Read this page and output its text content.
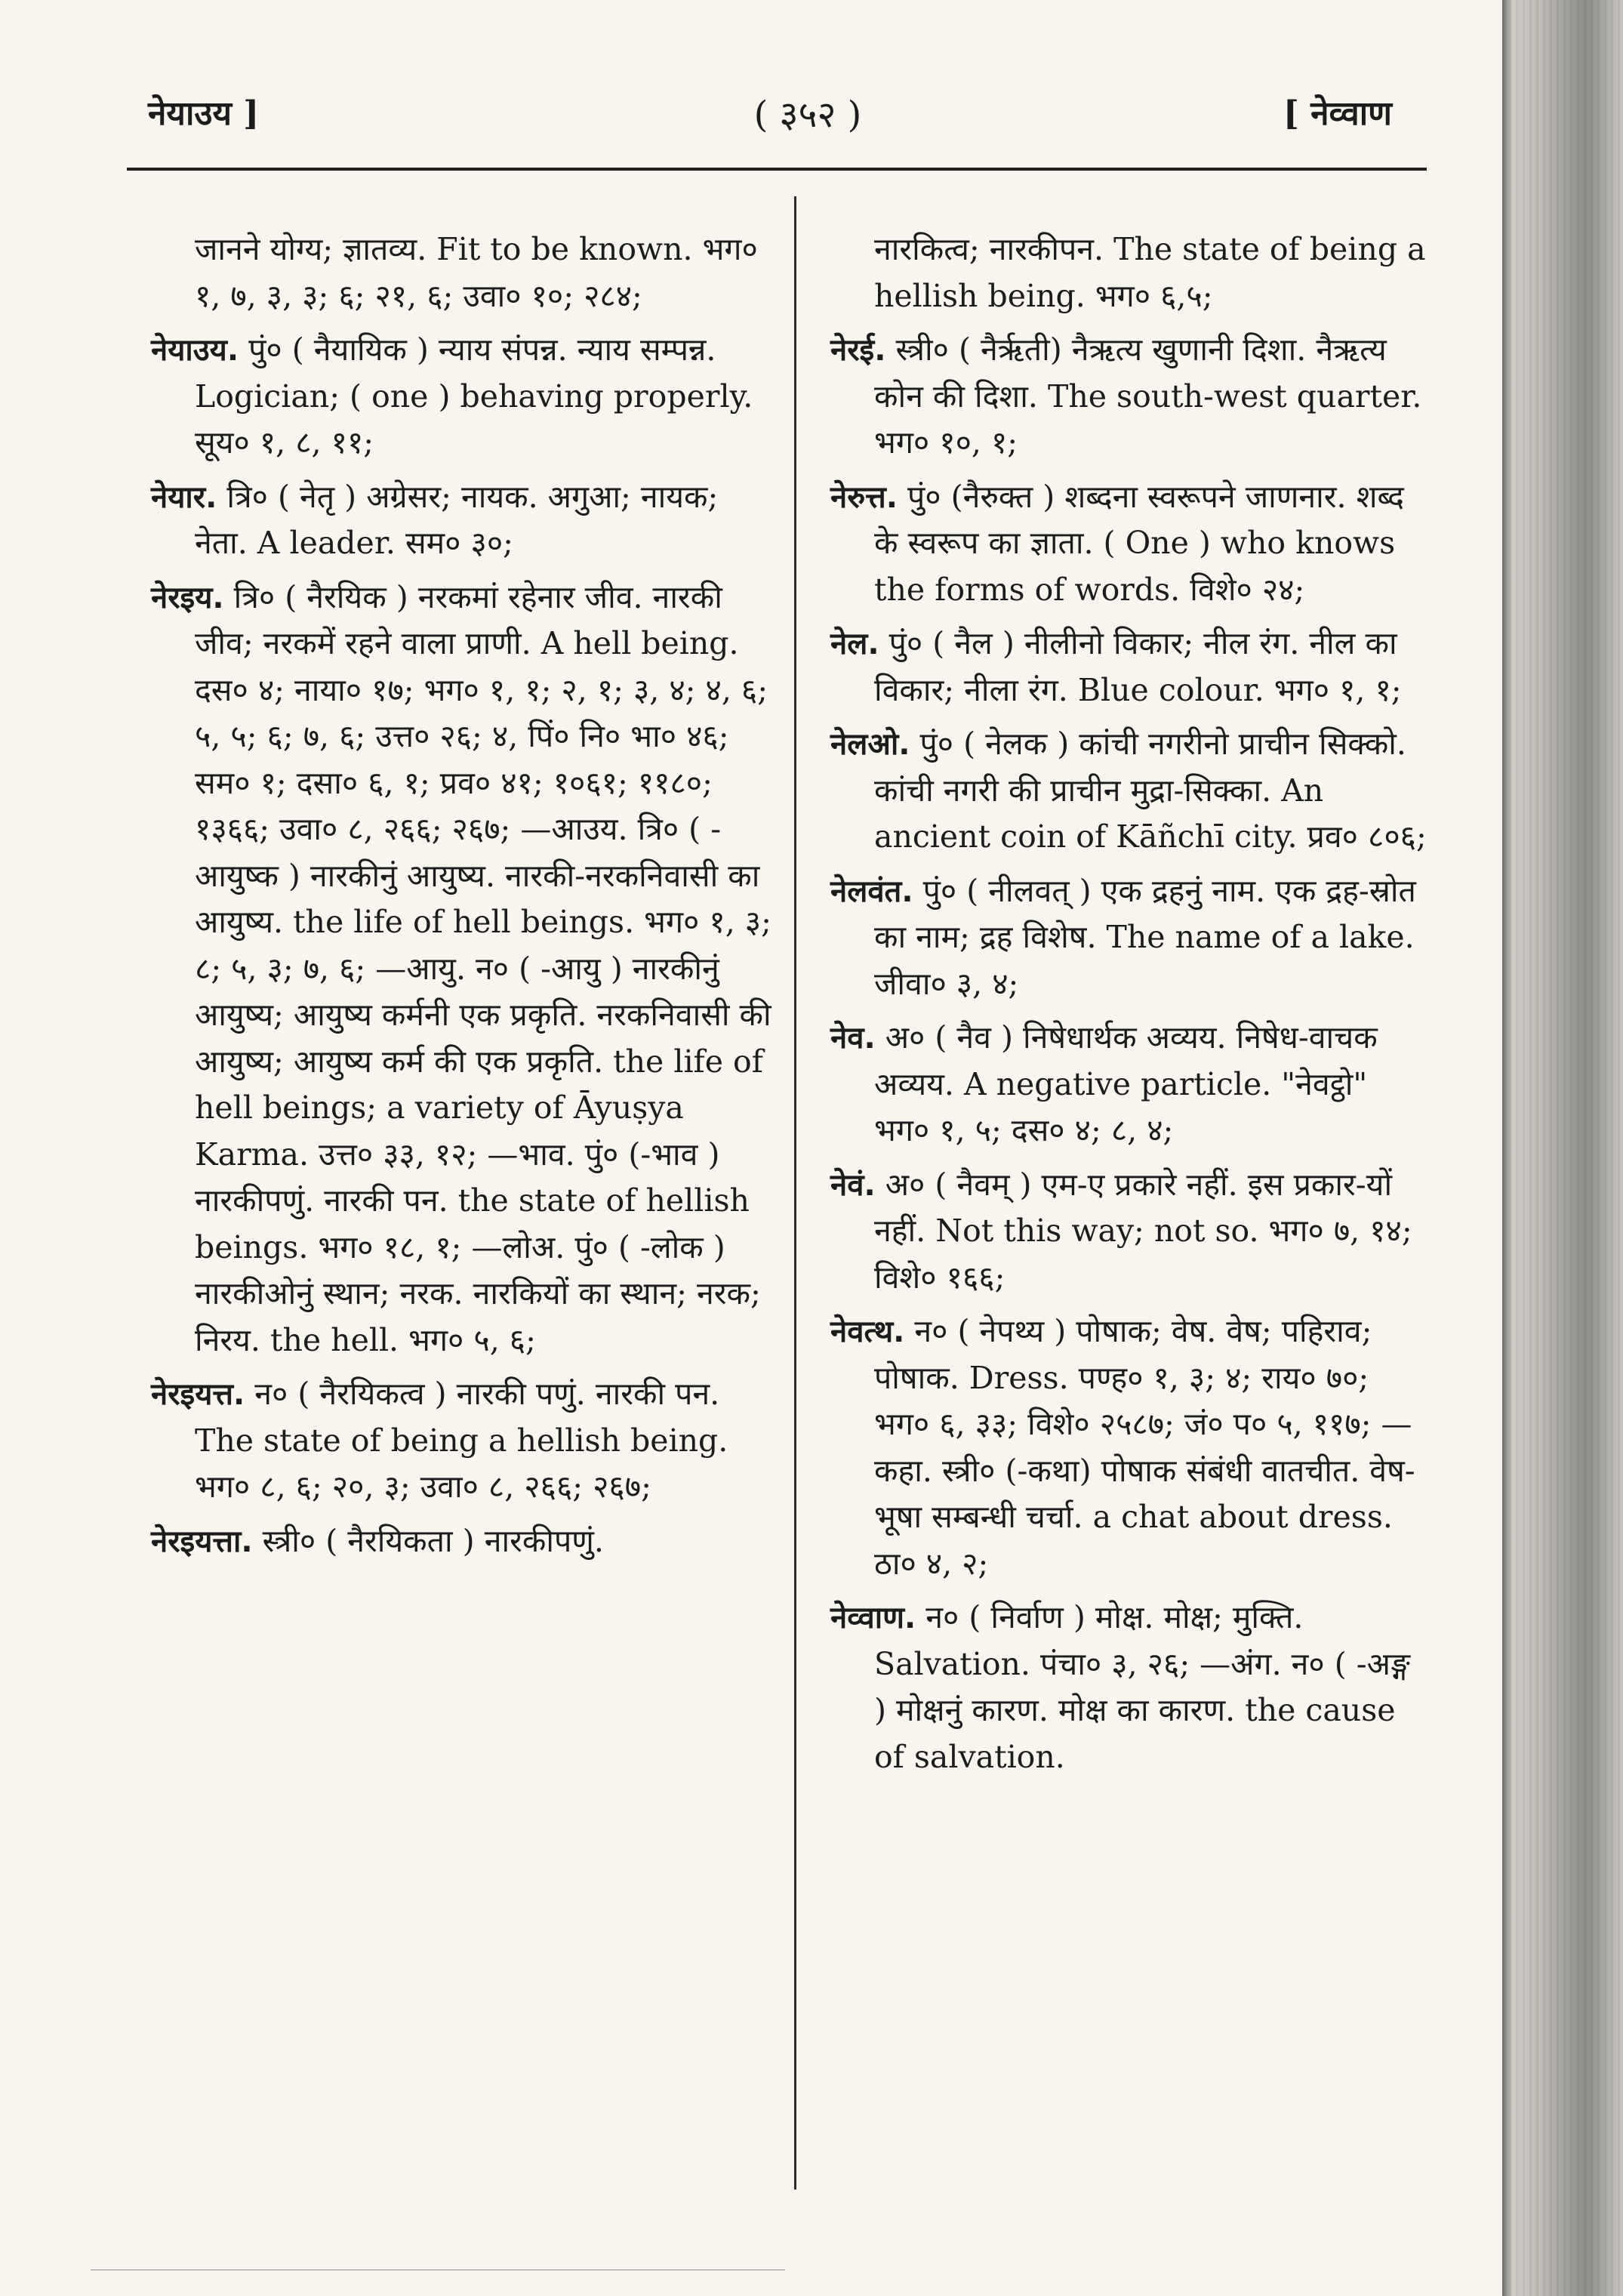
नेयाउय ]	( ३५२ )	[ नेव्वाण

जानने योग्य; ज्ञातव्य. Fit to be known. भग० १, ७, ३, ३; ६; २१, ६; उवा० १०; २८४;

नेयाउय. पुं० ( नैयायिक ) न्याय संपन्न. न्याय सम्पन्न. Logician; ( one ) behaving properly. सूय० १, ८, ११;

नेयार. त्रि० ( नेतृ ) अग्रेसर; नायक. अगुआ; नायक; नेता. A leader. सम० ३०;

नेरइय. त्रि० ( नैरयिक ) नरकमां रहेनार जीव. नारकी जीव; नरकमें रहने वाला प्राणी. A hell being. दस० ४; नाया० १७; भग० १, १; २, १; ३, ४; ४, ६; ५, ५; ६; ७, ६; उत्त० २६; ४, पिं० नि० भा० ४६; सम० १; दसा० ६, १; प्रव० ४१; १०६१; ११८०; १३६६; उवा० ८, २६६; २६७; —आउय. त्रि० ( -आयुष्क ) नारकीनुं आयुष्य. नारकी-नरकनिवासी का आयुष्य. the life of hell beings. भग० १, ३; ८; ५, ३; ७, ६; —आयु. न० ( -आयु ) नारकीनुं आयुष्य; आयुष्य कर्मनी एक प्रकृति. नरकनिवासी की आयुष्य; आयुष्य कर्म की एक प्रकृति. the life of hell beings; a variety of Āyuṣya Karma. उत्त० ३३, १२; —भाव. पुं० (-भाव ) नारकीपणुं. नारकी पन. the state of hellish beings. भग० १८, १; —लोअ. पुं० ( -लोक ) नारकीओनुं स्थान; नरक. नारकियों का स्थान; नरक; निरय. the hell. भग० ५, ६;

नेरइयत्त. न० ( नैरयिकत्व ) नारकी पणुं. नारकी पन. The state of being a hellish being. भग० ८, ६; २०, ३; उवा० ८, २६६; २६७;

नेरइयत्ता. स्त्री० ( नैरयिकता ) नारकीपणुं.

नारकित्व; नारकीपन. The state of being a hellish being. भग० ६,५;

नेरई. स्त्री० ( नैर्ऋती) नैऋत्य खुणानी दिशा. नैऋत्य कोन की दिशा. The south-west quarter. भग० १०, १;

नेरुत्त. पुं० (नैरुक्त ) शब्दना स्वरूपने जाणनार. शब्द के स्वरूप का ज्ञाता. ( One ) who knows the forms of words. विशे० २४;

नेल. पुं० ( नैल ) नीलीनो विकार; नील रंग. नील का विकार; नीला रंग. Blue colour. भग० १, १;

नेलओ. पुं० ( नेलक ) कांची नगरीनो प्राचीन सिक्को. कांची नगरी की प्राचीन मुद्रा-सिक्का. An ancient coin of Kāñchī city. प्रव० ८०६;

नेलवंत. पुं० ( नीलवत् ) एक द्रहनुं नाम. एक द्रह-स्रोत का नाम; द्रह विशेष. The name of a lake. जीवा० ३, ४;

नेव. अ० ( नैव ) निषेधार्थक अव्यय. निषेध-वाचक अव्यय. A negative particle. "नेवट्ठो" भग० १, ५; दस० ४; ८, ४;

नेवं. अ० ( नैवम् ) एम-ए प्रकारे नहीं. इस प्रकार-यों नहीं. Not this way; not so. भग० ७, १४; विशे० १६६;

नेवत्थ. न० ( नेपथ्य ) पोषाक; वेष. वेष; पहिराव; पोषाक. Dress. पण्ह० १, ३; ४; राय० ७०; भग० ६, ३३; विशे० २५८७; जं० प० ५, ११७; —कहा. स्त्री० (-कथा) पोषाक संबंधी वातचीत. वेष-भूषा सम्बन्धी चर्चा. a chat about dress. ठा० ४, २;

नेव्वाण. न० ( निर्वाण ) मोक्ष. मोक्ष; मुक्ति. Salvation. पंचा० ३, २६; —अंग. न० ( -अङ्ग ) मोक्षनुं कारण. मोक्ष का कारण. the cause of salvation.
